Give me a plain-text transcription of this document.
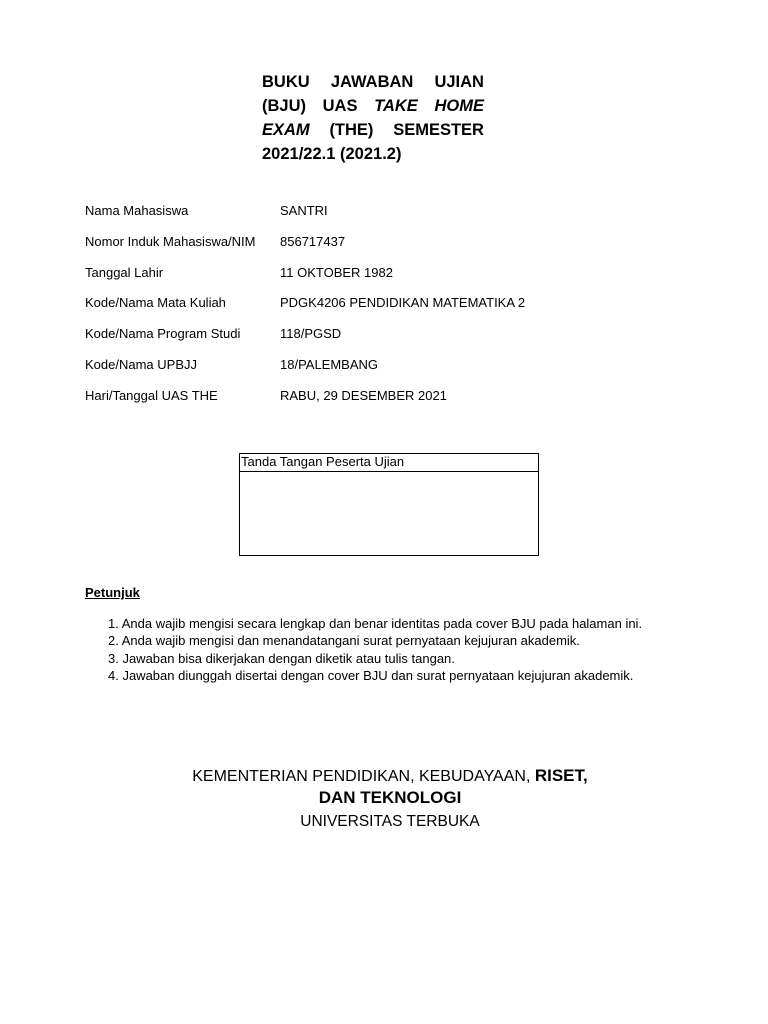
BUKU JAWABAN UJIAN
(BJU) UAS TAKE HOME
EXAM (THE) SEMESTER
2021/22.1 (2021.2)
Nama Mahasiswa	SANTRI
Nomor Induk Mahasiswa/NIM 856717437
Tanggal Lahir	11 OKTOBER 1982
Kode/Nama Mata Kuliah	PDGK4206 PENDIDIKAN MATEMATIKA 2
Kode/Nama Program Studi	118/PGSD
Kode/Nama UPBJJ	18/PALEMBANG
Hari/Tanggal UAS THE	RABU, 29 DESEMBER 2021
Tanda Tangan Peserta Ujian
Petunjuk
1. Anda wajib mengisi secara lengkap dan benar identitas pada cover BJU pada halaman ini.
2. Anda wajib mengisi dan menandatangani surat pernyataan kejujuran akademik.
3. Jawaban bisa dikerjakan dengan diketik atau tulis tangan.
4. Jawaban diunggah disertai dengan cover BJU dan surat pernyataan kejujuran akademik.
KEMENTERIAN PENDIDIKAN, KEBUDAYAAN, RISET,
DAN TEKNOLOGI
UNIVERSITAS TERBUKA
